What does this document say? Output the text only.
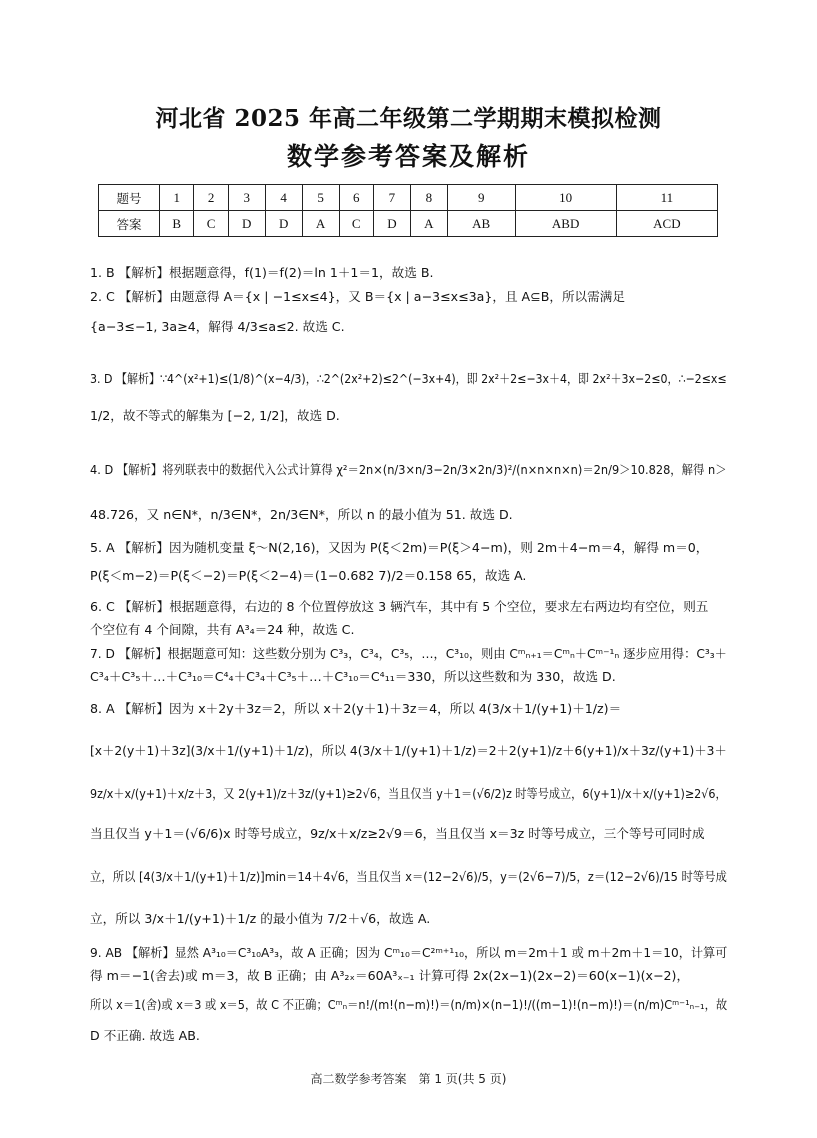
河北省 2025 年高二年级第二学期期末模拟检测
数学参考答案及解析
题号	1	2	3	4	5	6	7	8	9	10	11
答案	B	C	D	D	A	C	D	A	AB	ABD	ACD
1. B 【解析】根据题意得，f(1)＝f(2)＝ln 1＋1＝1，故选 B.
2. C 【解析】由题意得 A＝{x | −1≤x≤4}，又 B＝{x | a−3≤x≤3a}，且 A⊆B，所以需满足
{a−3≤−1, 3a≥4，解得 4/3≤a≤2. 故选 C.
3. D 【解析】∵4^(x²+1)≤(1/8)^(x−4/3)，∴2^(2x²+2)≤2^(−3x+4)，即 2x²＋2≤−3x＋4，即 2x²＋3x−2≤0，∴−2≤x≤
1/2，故不等式的解集为 [−2, 1/2]，故选 D.
4. D 【解析】将列联表中的数据代入公式计算得 χ²＝2n×(n/3×n/3−2n/3×2n/3)²/(n×n×n×n)＝2n/9＞10.828，解得 n＞
48.726，又 n∈N*，n/3∈N*，2n/3∈N*，所以 n 的最小值为 51. 故选 D.
5. A 【解析】因为随机变量 ξ～N(2,16)，又因为 P(ξ＜2m)＝P(ξ＞4−m)，则 2m＋4−m＝4，解得 m＝0，
P(ξ＜m−2)＝P(ξ＜−2)＝P(ξ＜2−4)＝(1−0.682 7)/2＝0.158 65，故选 A.
6. C 【解析】根据题意得，右边的 8 个位置停放这 3 辆汽车，其中有 5 个空位，要求左右两边均有空位，则五
个空位有 4 个间隙，共有 A³₄＝24 种，故选 C.
7. D 【解析】根据题意可知：这些数分别为 C³₃，C³₄，C³₅，…，C³₁₀，则由 Cᵐₙ₊₁＝Cᵐₙ＋Cᵐ⁻¹ₙ 逐步应用得：C³₃＋
C³₄＋C³₅＋…＋C³₁₀＝C⁴₄＋C³₄＋C³₅＋…＋C³₁₀＝C⁴₁₁＝330，所以这些数和为 330，故选 D.
8. A 【解析】因为 x＋2y＋3z＝2，所以 x＋2(y＋1)＋3z＝4，所以 4(3/x＋1/(y+1)＋1/z)＝
[x＋2(y＋1)＋3z](3/x＋1/(y+1)＋1/z)，所以 4(3/x＋1/(y+1)＋1/z)＝2＋2(y+1)/z＋6(y+1)/x＋3z/(y+1)＋3＋
9z/x＋x/(y+1)＋x/z＋3，又 2(y+1)/z＋3z/(y+1)≥2√6，当且仅当 y＋1＝(√6/2)z 时等号成立，6(y+1)/x＋x/(y+1)≥2√6，
当且仅当 y＋1＝(√6/6)x 时等号成立，9z/x＋x/z≥2√9＝6，当且仅当 x＝3z 时等号成立，三个等号可同时成
立，所以 [4(3/x＋1/(y+1)＋1/z)]min＝14＋4√6，当且仅当 x＝(12−2√6)/5，y＝(2√6−7)/5，z＝(12−2√6)/15 时等号成
立，所以 3/x＋1/(y+1)＋1/z 的最小值为 7/2＋√6，故选 A.
9. AB 【解析】显然 A³₁₀＝C³₁₀A³₃，故 A 正确；因为 Cᵐ₁₀＝C²ᵐ⁺¹₁₀，所以 m＝2m＋1 或 m＋2m＋1＝10，计算可
得 m＝−1(舍去)或 m＝3，故 B 正确；由 A³₂ₓ＝60A³ₓ₋₁ 计算可得 2x(2x−1)(2x−2)＝60(x−1)(x−2)，
所以 x＝1(舍)或 x＝3 或 x＝5，故 C 不正确；Cᵐₙ＝n!/(m!(n−m)!)＝(n/m)×(n−1)!/((m−1)!(n−m)!)＝(n/m)Cᵐ⁻¹ₙ₋₁，故
D 不正确. 故选 AB.
高二数学参考答案　第 1 页(共 5 页)
